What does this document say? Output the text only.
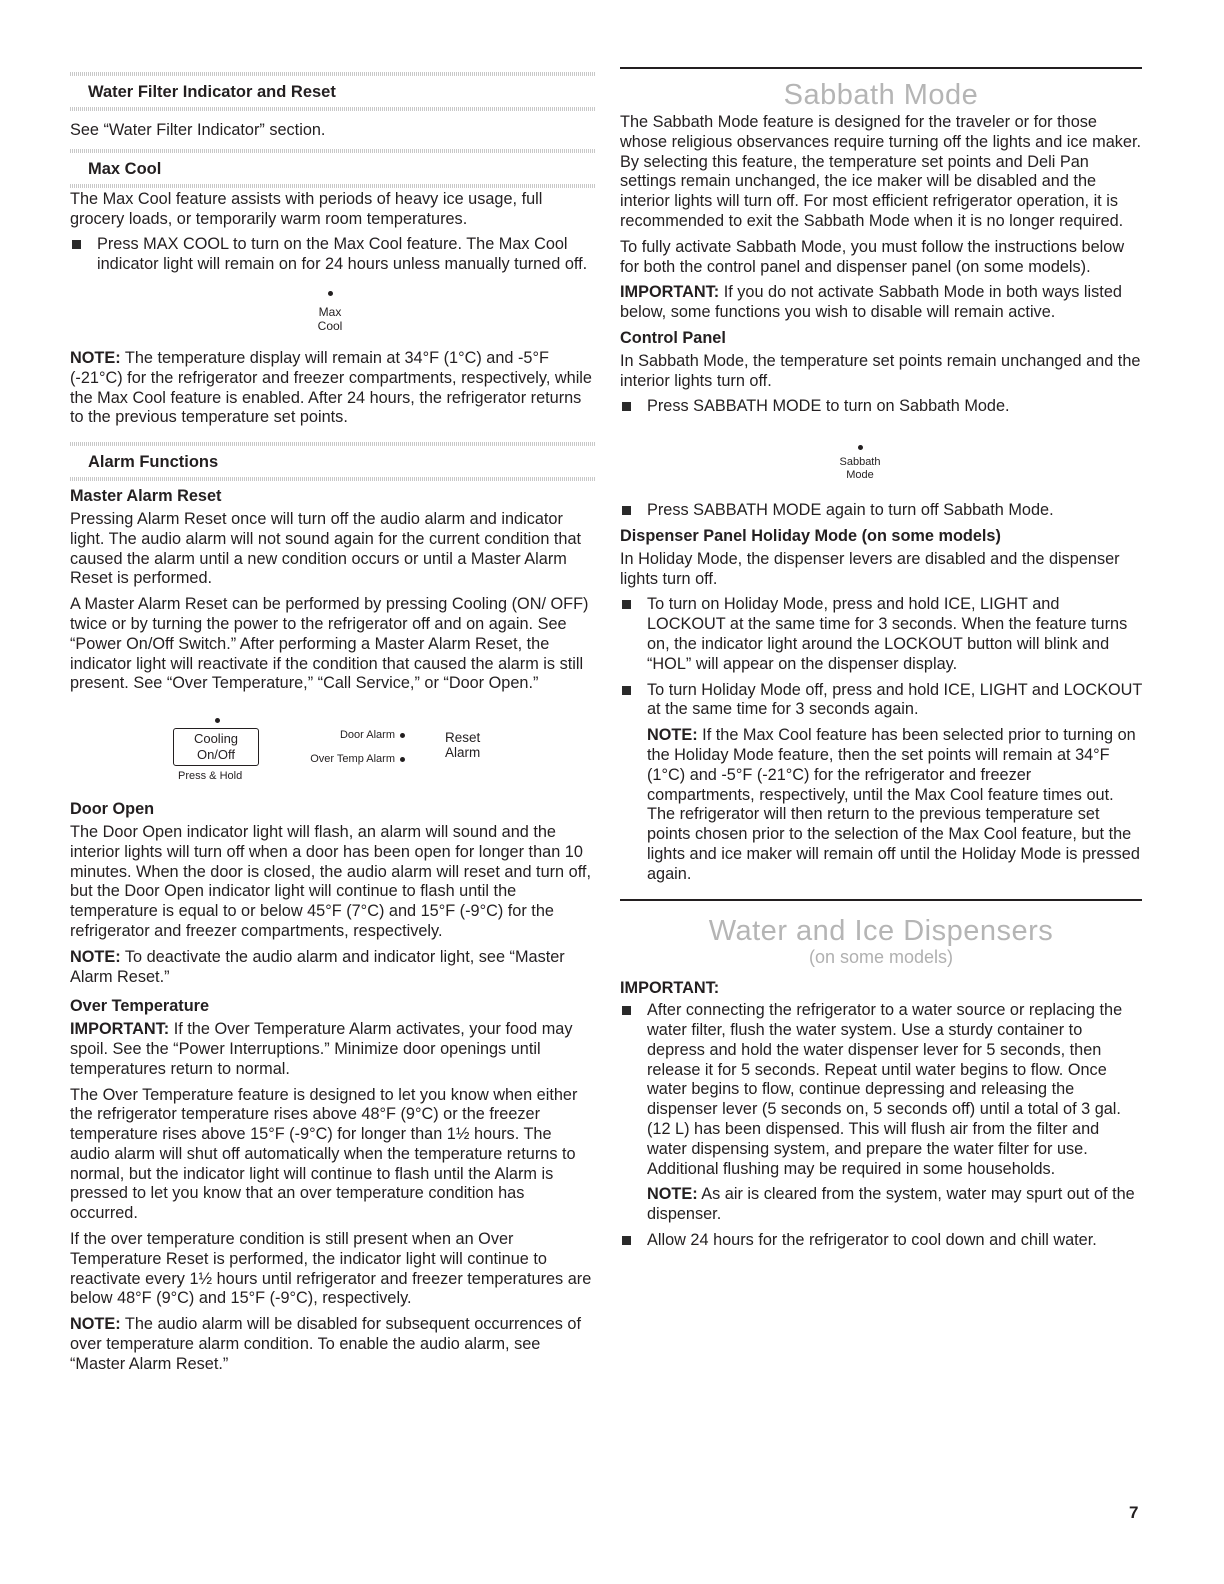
Water Filter Indicator and Reset

See “Water Filter Indicator” section.

Max Cool

The Max Cool feature assists with periods of heavy ice usage, full grocery loads, or temporarily warm room temperatures.

Press MAX COOL to turn on the Max Cool feature. The Max Cool indicator light will remain on for 24 hours unless manually turned off.
Max
Cool

NOTE: The temperature display will remain at 34°F (1°C) and -5°F (-21°C) for the refrigerator and freezer compartments, respectively, while the Max Cool feature is enabled. After 24 hours, the refrigerator returns to the previous temperature set points.

Alarm Functions
Master Alarm Reset

Pressing Alarm Reset once will turn off the audio alarm and indicator light. The audio alarm will not sound again for the current condition that caused the alarm until a new condition occurs or until a Master Alarm Reset is performed.

A Master Alarm Reset can be performed by pressing Cooling (ON/ OFF) twice or by turning the power to the refrigerator off and on again. See “Power On/Off Switch.” After performing a Master Alarm Reset, the indicator light will reactivate if the condition that caused the alarm is still present. See “Over Temperature,” “Call Service,” or “Door Open.”

Cooling
On/Off
Press & Hold
Door Alarm
Over Temp Alarm
Reset
Alarm
Door Open

The Door Open indicator light will flash, an alarm will sound and the interior lights will turn off when a door has been open for longer than 10 minutes. When the door is closed, the audio alarm will reset and turn off, but the Door Open indicator light will continue to flash until the temperature is equal to or below 45°F (7°C) and 15°F (-9°C) for the refrigerator and freezer compartments, respectively.

NOTE: To deactivate the audio alarm and indicator light, see “Master Alarm Reset.”

Over Temperature

IMPORTANT: If the Over Temperature Alarm activates, your food may spoil. See the “Power Interruptions.” Minimize door openings until temperatures return to normal.

The Over Temperature feature is designed to let you know when either the refrigerator temperature rises above 48°F (9°C) or the freezer temperature rises above 15°F (-9°C) for longer than 1½ hours. The audio alarm will shut off automatically when the temperature returns to normal, but the indicator light will continue to flash until the Alarm is pressed to let you know that an over temperature condition has occurred.

If the over temperature condition is still present when an Over Temperature Reset is performed, the indicator light will continue to reactivate every 1½ hours until refrigerator and freezer temperatures are below 48°F (9°C) and 15°F (-9°C), respectively.

NOTE: The audio alarm will be disabled for subsequent occurrences of over temperature alarm condition. To enable the audio alarm, see “Master Alarm Reset.”

Sabbath Mode

The Sabbath Mode feature is designed for the traveler or for those whose religious observances require turning off the lights and ice maker. By selecting this feature, the temperature set points and Deli Pan settings remain unchanged, the ice maker will be disabled and the interior lights will turn off. For most efficient refrigerator operation, it is recommended to exit the Sabbath Mode when it is no longer required.

To fully activate Sabbath Mode, you must follow the instructions below for both the control panel and dispenser panel (on some models).

IMPORTANT: If you do not activate Sabbath Mode in both ways listed below, some functions you wish to disable will remain active.

Control Panel

In Sabbath Mode, the temperature set points remain unchanged and the interior lights turn off.

Press SABBATH MODE to turn on Sabbath Mode.
Sabbath
Mode
Press SABBATH MODE again to turn off Sabbath Mode.
Dispenser Panel Holiday Mode (on some models)

In Holiday Mode, the dispenser levers are disabled and the dispenser lights turn off.

To turn on Holiday Mode, press and hold ICE, LIGHT and LOCKOUT at the same time for 3 seconds. When the feature turns on, the indicator light around the LOCKOUT button will blink and “HOL” will appear on the dispenser display.
To turn Holiday Mode off, press and hold ICE, LIGHT and LOCKOUT at the same time for 3 seconds again.

NOTE: If the Max Cool feature has been selected prior to turning on the Holiday Mode feature, then the set points will remain at 34°F (1°C) and -5°F (-21°C) for the refrigerator and freezer compartments, respectively, until the Max Cool feature times out. The refrigerator will then return to the previous temperature set points chosen prior to the selection of the Max Cool feature, but the lights and ice maker will remain off until the Holiday Mode is pressed again.

Water and Ice Dispensers
(on some models)
IMPORTANT:
After connecting the refrigerator to a water source or replacing the water filter, flush the water system. Use a sturdy container to depress and hold the water dispenser lever for 5 seconds, then release it for 5 seconds. Repeat until water begins to flow. Once water begins to flow, continue depressing and releasing the dispenser lever (5 seconds on, 5 seconds off) until a total of 3 gal. (12 L) has been dispensed. This will flush air from the filter and water dispensing system, and prepare the water filter for use. Additional flushing may be required in some households.

NOTE: As air is cleared from the system, water may spurt out of the dispenser.

Allow 24 hours for the refrigerator to cool down and chill water.
7
